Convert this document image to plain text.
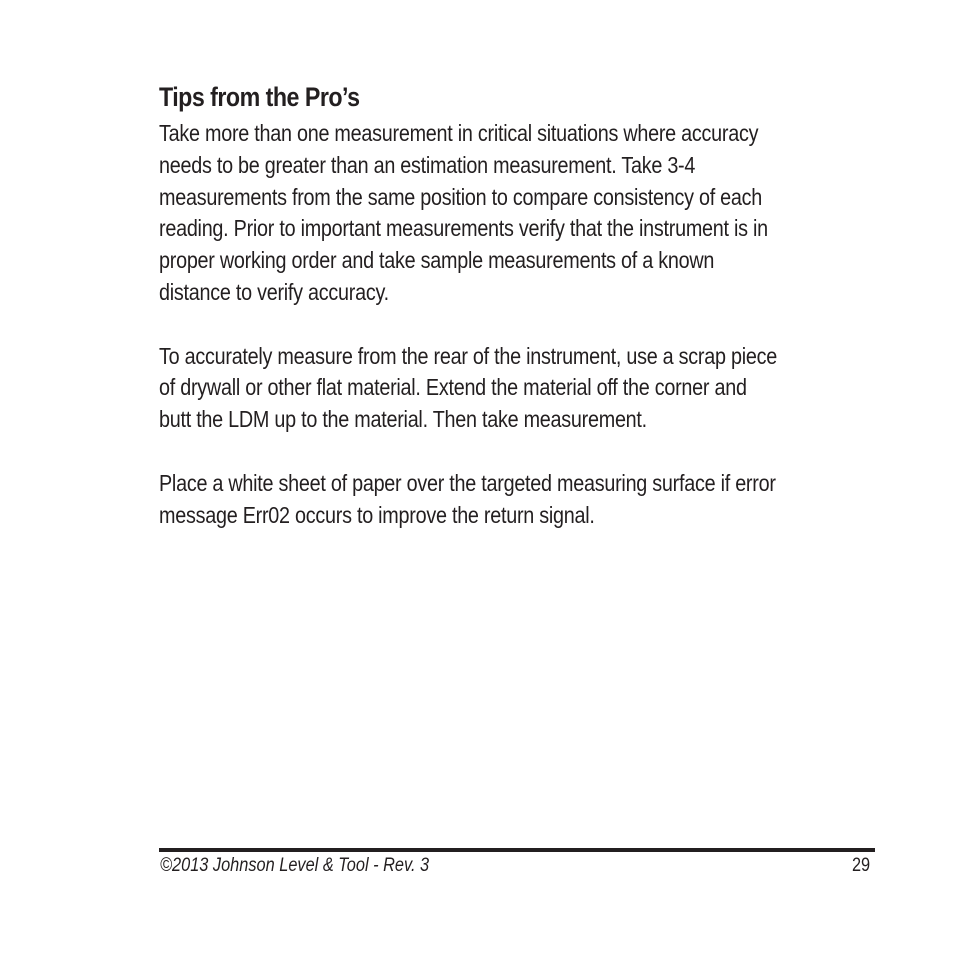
Tips from the Pro’s

Take more than one measurement in critical situations where accuracy
needs to be greater than an estimation measurement. Take 3-4
measurements from the same position to compare consistency of each
reading. Prior to important measurements verify that the instrument is in
proper working order and take sample measurements of a known
distance to verify accuracy.

To accurately measure from the rear of the instrument, use a scrap piece
of drywall or other flat material. Extend the material off the corner and
butt the LDM up to the material. Then take measurement.

Place a white sheet of paper over the targeted measuring surface if error
message Err02 occurs to improve the return signal.

©2013 Johnson Level & Tool - Rev. 3	29
